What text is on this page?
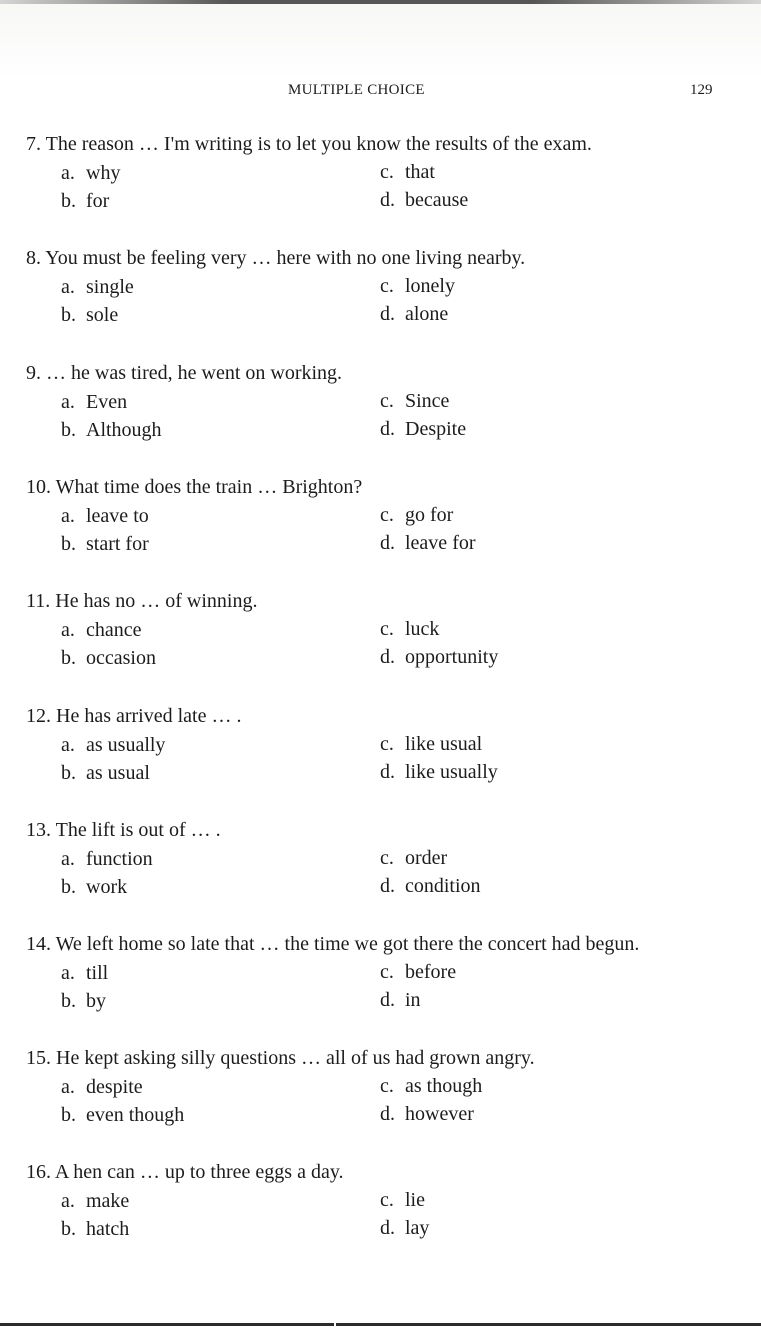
MULTIPLE CHOICE	129
7. The reason … I'm writing is to let you know the results of the exam.
a. why
b. for
c. that
d. because
8. You must be feeling very … here with no one living nearby.
a. single
b. sole
c. lonely
d. alone
9. … he was tired, he went on working.
a. Even
b. Although
c. Since
d. Despite
10. What time does the train … Brighton?
a. leave to
b. start for
c. go for
d. leave for
11. He has no … of winning.
a. chance
b. occasion
c. luck
d. opportunity
12. He has arrived late … .
a. as usually
b. as usual
c. like usual
d. like usually
13. The lift is out of … .
a. function
b. work
c. order
d. condition
14. We left home so late that … the time we got there the concert had begun.
a. till
b. by
c. before
d. in
15. He kept asking silly questions … all of us had grown angry.
a. despite
b. even though
c. as though
d. however
16. A hen can … up to three eggs a day.
a. make
b. hatch
c. lie
d. lay
